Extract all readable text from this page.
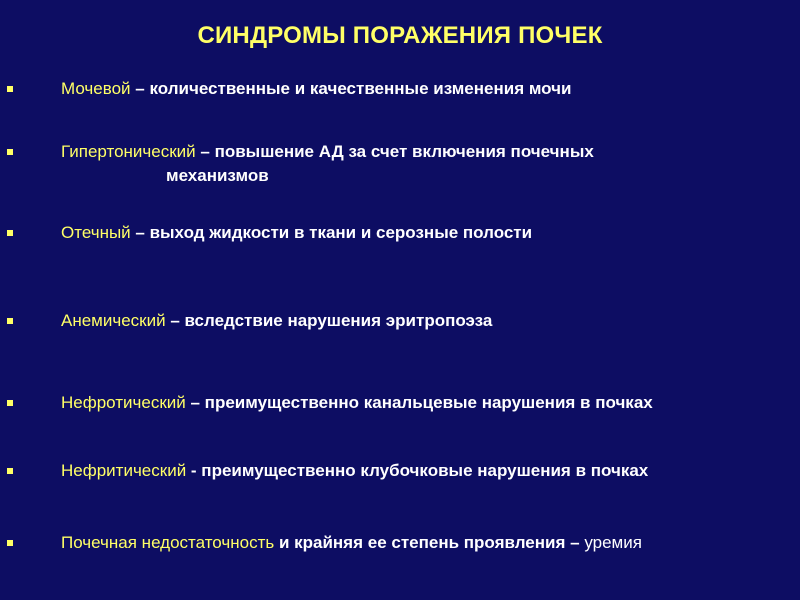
СИНДРОМЫ ПОРАЖЕНИЯ ПОЧЕК
Мочевой – количественные и качественные изменения мочи
Гипертонический – повышение АД за счет включения почечных
механизмов
Отечный – выход жидкости в ткани и серозные полости
Анемический – вследствие нарушения эритропоэза
Нефротический – преимущественно канальцевые нарушения в почках
Нефритический - преимущественно клубочковые нарушения в почках
Почечная недостаточность и крайняя ее степень проявления – уремия
